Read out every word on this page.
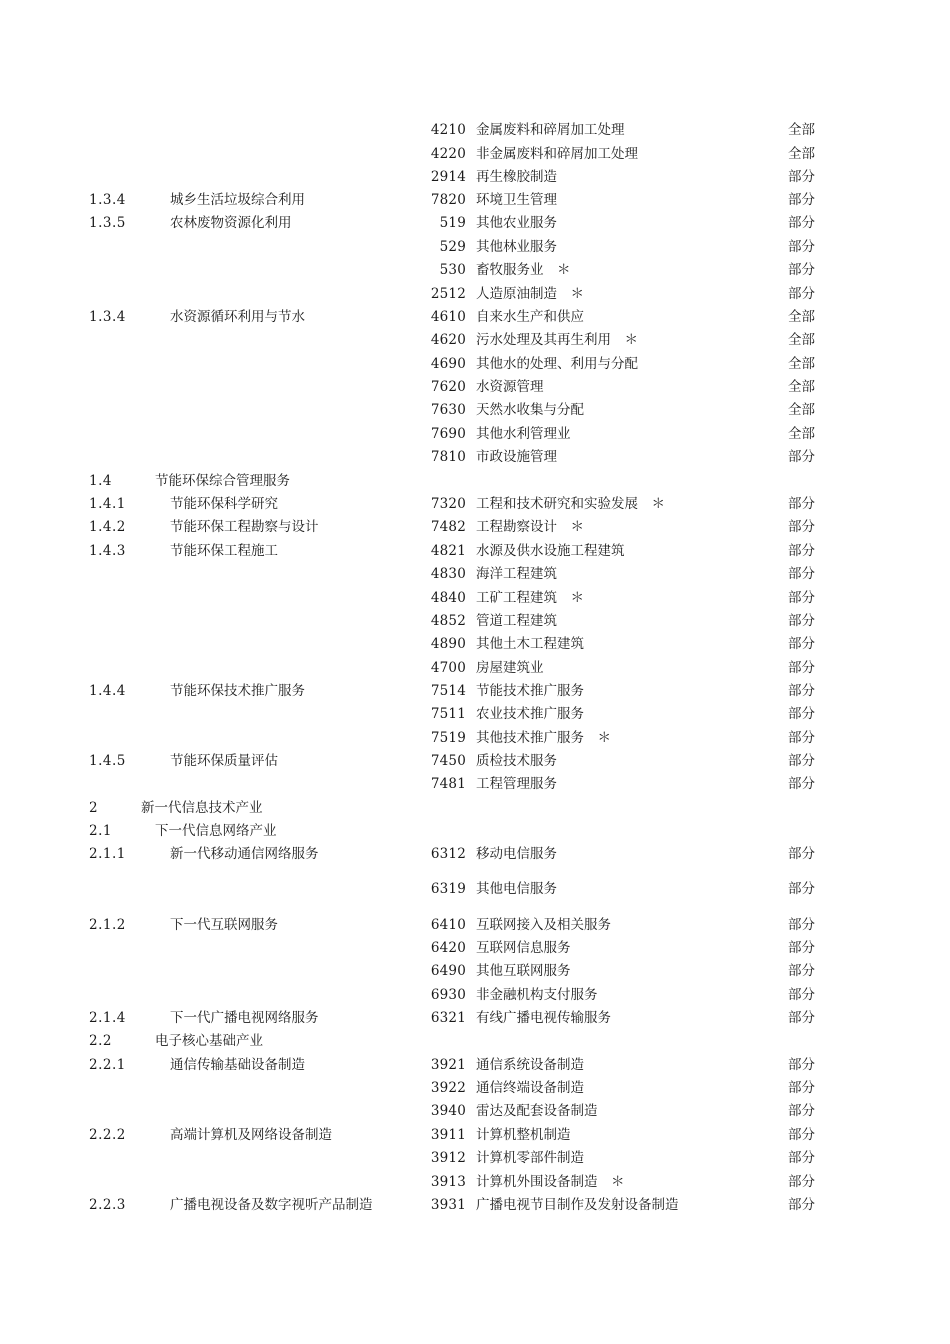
4210 金属废料和碎屑加工处理	全部
4220 非金属废料和碎屑加工处理	全部
2914 再生橡胶制造	部分
1.3.4	城乡生活垃圾综合利用	7820 环境卫生管理	部分
1.3.5	农林废物资源化利用	519 其他农业服务	部分
529 其他林业服务	部分
530 畜牧服务业　＊	部分
2512 人造原油制造　＊	部分
1.3.4	水资源循环利用与节水	4610 自来水生产和供应	全部
4620 污水处理及其再生利用　＊	全部
4690 其他水的处理、利用与分配	全部
7620 水资源管理	全部
7630 天然水收集与分配	全部
7690 其他水利管理业	全部
7810 市政设施管理	部分
1.4	节能环保综合管理服务
1.4.1	节能环保科学研究	7320 工程和技术研究和实验发展　＊	部分
1.4.2	节能环保工程勘察与设计	7482 工程勘察设计　＊	部分
1.4.3	节能环保工程施工	4821 水源及供水设施工程建筑	部分
4830 海洋工程建筑	部分
4840 工矿工程建筑　＊	部分
4852 管道工程建筑	部分
4890 其他土木工程建筑	部分
4700 房屋建筑业	部分
1.4.4	节能环保技术推广服务	7514 节能技术推广服务	部分
7511 农业技术推广服务	部分
7519 其他技术推广服务　＊	部分
1.4.5	节能环保质量评估	7450 质检技术服务	部分
7481 工程管理服务	部分
2	新一代信息技术产业
2.1	下一代信息网络产业
2.1.1	新一代移动通信网络服务	6312 移动电信服务	部分
6319 其他电信服务	部分
2.1.2	下一代互联网服务	6410 互联网接入及相关服务	部分
6420 互联网信息服务	部分
6490 其他互联网服务	部分
6930 非金融机构支付服务	部分
2.1.4	下一代广播电视网络服务	6321 有线广播电视传输服务	部分
2.2	电子核心基础产业
2.2.1	通信传输基础设备制造	3921 通信系统设备制造	部分
3922 通信终端设备制造	部分
3940 雷达及配套设备制造	部分
2.2.2	高端计算机及网络设备制造	3911 计算机整机制造	部分
3912 计算机零部件制造	部分
3913 计算机外围设备制造　＊	部分
2.2.3	广播电视设备及数字视听产品制造	3931 广播电视节目制作及发射设备制造	部分
